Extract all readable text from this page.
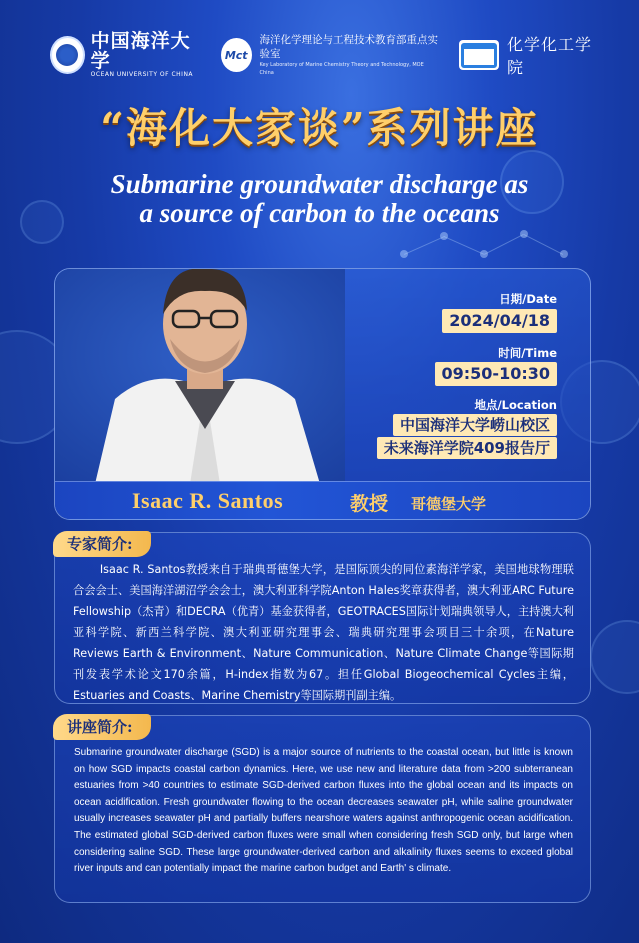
中国海洋大学
OCEAN UNIVERSITY OF CHINA
Mct
海洋化学理论与工程技术教育部重点实验室
Key Laboratory of Marine Chemistry Theory and Technology, MOE China
化学化工学院
“海化大家谈”系列讲座
Submarine groundwater discharge as
a source of carbon to the oceans
日期/Date
2024/04/18
时间/Time
09:50-10:30
地点/Location
中国海洋大学崂山校区
未来海洋学院409报告厅
Isaac R. Santos	教授 哥德堡大学
专家简介:
Isaac R. Santos教授来自于瑞典哥德堡大学，是国际顶尖的同位素海洋学家，美国地球物理联合会会士、美国海洋湖沼学会会士，澳大利亚科学院Anton Hales奖章获得者，澳大利亚ARC Future Fellowship（杰青）和DECRA（优青）基金获得者，GEOTRACES国际计划瑞典领导人，主持澳大利亚科学院、新西兰科学院、澳大利亚研究理事会、瑞典研究理事会项目三十余项，在Nature Reviews Earth & Environment、Nature Communication、Nature Climate Change等国际期刊发表学术论文170余篇，H-index指数为67。担任Global Biogeochemical Cycles主编，Estuaries and Coasts、Marine Chemistry等国际期刊副主编。
讲座简介:
Submarine groundwater discharge (SGD) is a major source of nutrients to the coastal ocean, but little is known on how SGD impacts coastal carbon dynamics. Here, we use new and literature data from >200 subterranean estuaries from >40 countries to estimate SGD-derived carbon fluxes into the global ocean and its impacts on ocean acidification. Fresh groundwater flowing to the ocean decreases seawater pH, while saline groundwater usually increases seawater pH and partially buffers nearshore waters against anthropogenic ocean acidification. The estimated global SGD-derived carbon fluxes were small when considering fresh SGD only, but large when considering saline SGD. These large groundwater-derived carbon and alkalinity fluxes seems to exceed global river inputs and can potentially impact the marine carbon budget and Earth' s climate.
